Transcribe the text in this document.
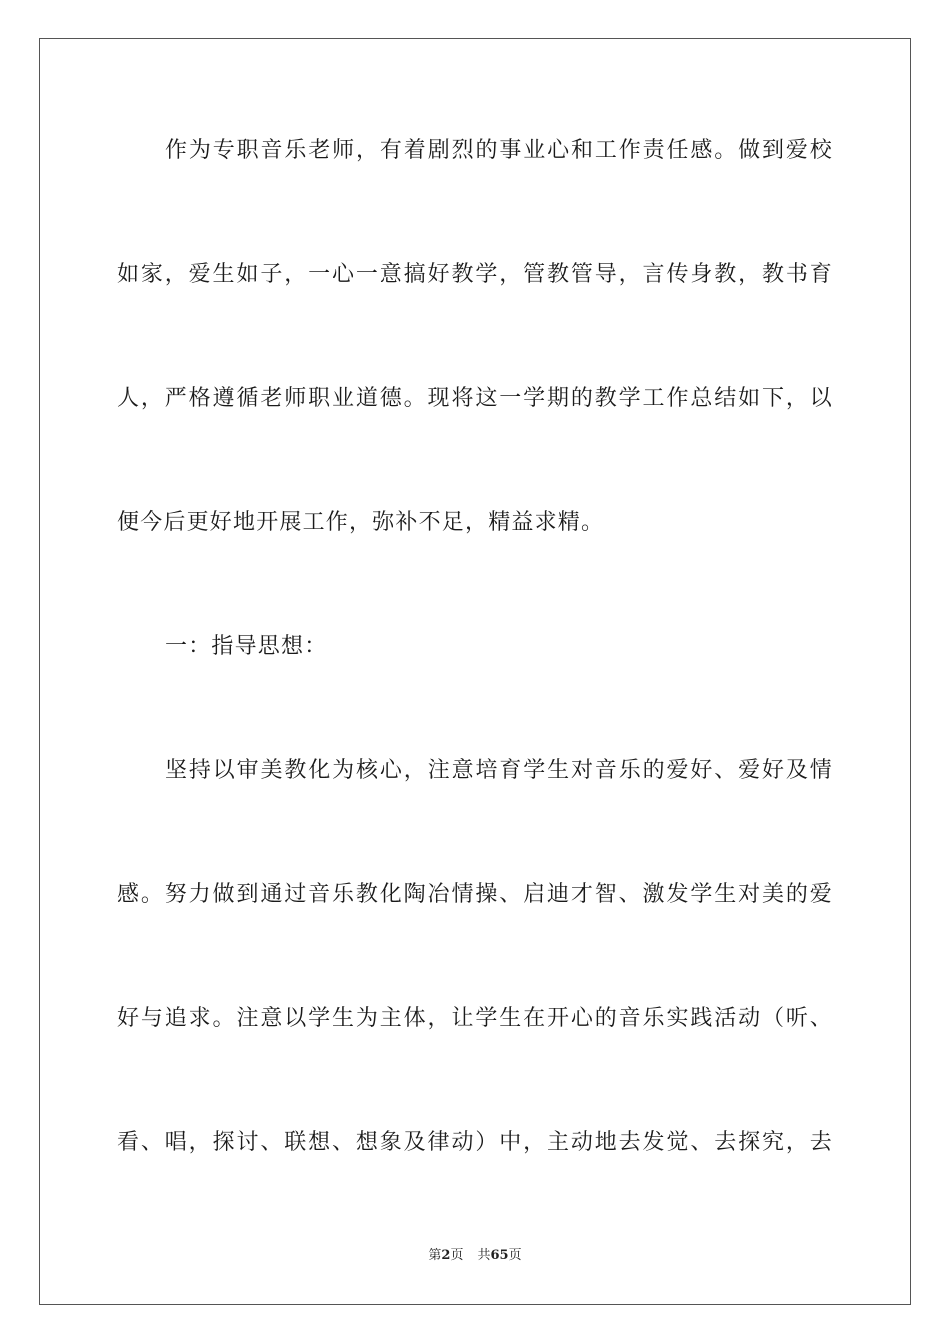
作为专职音乐老师，有着剧烈的事业心和工作责任感。做到爱校
如家，爱生如子，一心一意搞好教学，管教管导，言传身教，教书育
人，严格遵循老师职业道德。现将这一学期的教学工作总结如下，以
便今后更好地开展工作，弥补不足，精益求精。
一：指导思想：
坚持以审美教化为核心，注意培育学生对音乐的爱好、爱好及情
感。努力做到通过音乐教化陶冶情操、启迪才智、激发学生对美的爱
好与追求。注意以学生为主体，让学生在开心的音乐实践活动（听、
看、唱，探讨、联想、想象及律动）中，主动地去发觉、去探究，去
第2页 共65页
